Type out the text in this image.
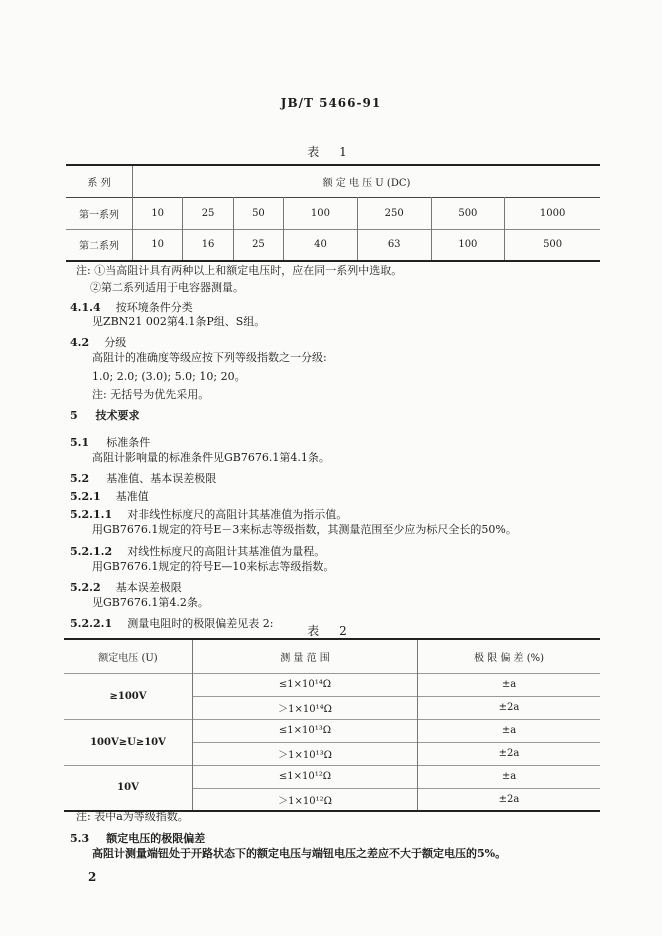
JB/T 5466-91
表 1
系 列	额 定 电 压 U (DC)						
第一系列	10	25	50	100	250	500	1000
第二系列	10	16	25	40	63	100	500
注: ①当高阻计具有两种以上和额定电压时，应在同一系列中选取。
②第二系列适用于电容器测量。
4.1.4 按环境条件分类
见ZBN21 002第4.1条P组、S组。
4.2 分级
高阻计的准确度等级应按下列等级指数之一分级:
1.0; 2.0; (3.0); 5.0; 10; 20。
注: 无括号为优先采用。
5 技术要求
5.1 标准条件
高阻计影响量的标准条件见GB7676.1第4.1条。
5.2 基准值、基本误差极限
5.2.1 基准值
5.2.1.1 对非线性标度尺的高阻计其基准值为指示值。
用GB7676.1规定的符号E－3来标志等级指数，其测量范围至少应为标尺全长的50%。
5.2.1.2 对线性标度尺的高阻计其基准值为量程。
用GB7676.1规定的符号E—10来标志等级指数。
5.2.2 基本误差极限
见GB7676.1第4.2条。
5.2.2.1 测量电阻时的极限偏差见表 2:
表 2
额定电压 (U)	测 量 范 围	极 限 偏 差 (%)
≥100V	≤1×10¹⁴Ω	±a
	＞1×10¹⁴Ω	±2a
100V≥U≥10V	≤1×10¹³Ω	±a
	＞1×10¹³Ω	±2a
10V	≤1×10¹²Ω	±a
	＞1×10¹²Ω	±2a
注: 表中a为等级指数。
5.3 额定电压的极限偏差
高阻计测量端钮处于开路状态下的额定电压与端钮电压之差应不大于额定电压的5%。
2
